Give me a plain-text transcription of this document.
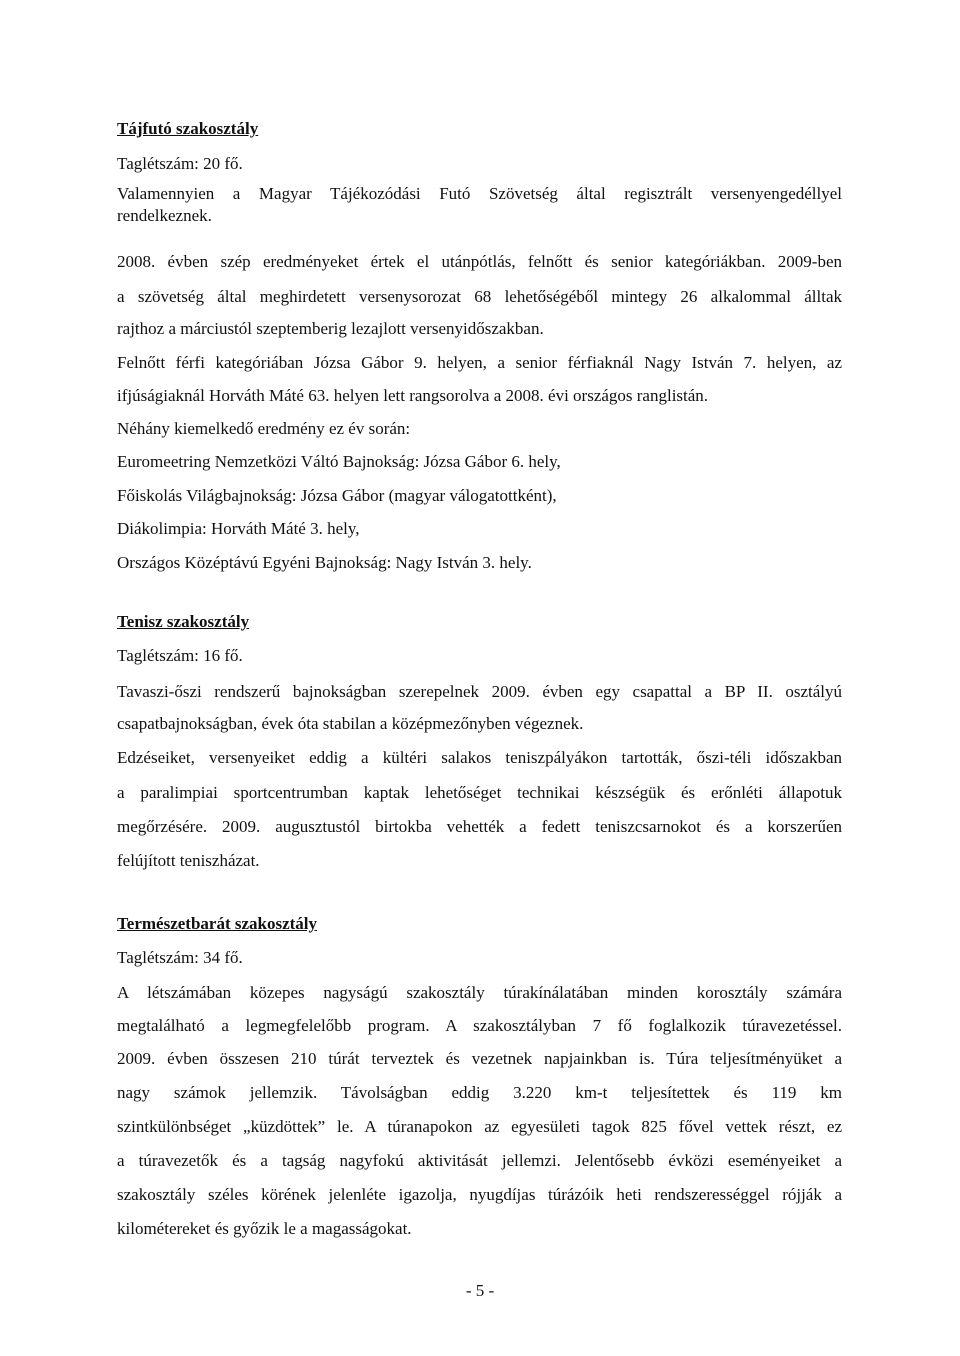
Tájfutó szakosztály
Taglétszám: 20 fő.
Valamennyien a Magyar Tájékozódási Futó Szövetség által regisztrált versenyengedéllyel
rendelkeznek.
2008. évben szép eredményeket értek el utánpótlás, felnőtt és senior kategóriákban. 2009-ben
a szövetség által meghirdetett versenysorozat 68 lehetőségéből mintegy 26 alkalommal álltak
rajthoz a márciustól szeptemberig lezajlott versenyidőszakban.
Felnőtt férfi kategóriában Józsa Gábor 9. helyen, a senior férfiaknál Nagy István 7. helyen, az
ifjúságiaknál Horváth Máté 63. helyen lett rangsorolva a 2008. évi országos ranglistán.
Néhány kiemelkedő eredmény ez év során:
Euromeetring Nemzetközi Váltó Bajnokság: Józsa Gábor 6. hely,
Főiskolás Világbajnokság: Józsa Gábor (magyar válogatottként),
Diákolimpia: Horváth Máté 3. hely,
Országos Középtávú Egyéni Bajnokság: Nagy István 3. hely.
Tenisz szakosztály
Taglétszám: 16 fő.
Tavaszi-őszi rendszerű bajnokságban szerepelnek 2009. évben egy csapattal a BP II. osztályú
csapatbajnokságban, évek óta stabilan a középmezőnyben végeznek.
Edzéseiket, versenyeiket eddig a kültéri salakos teniszpályákon tartották, őszi-téli időszakban
a paralimpiai sportcentrumban kaptak lehetőséget technikai készségük és erőnléti állapotuk
megőrzésére. 2009. augusztustól birtokba vehették a fedett teniszcsarnokot és a korszerűen
felújított teniszházat.
Természetbarát szakosztály
Taglétszám: 34 fő.
A létszámában közepes nagyságú szakosztály túrakínálatában minden korosztály számára
megtalálható a legmegfelelőbb program. A szakosztályban 7 fő foglalkozik túravezetéssel.
2009. évben összesen 210 túrát terveztek és vezetnek napjainkban is. Túra teljesítményüket a
nagy számok jellemzik. Távolságban eddig 3.220 km-t teljesítettek és 119 km
szintkülönbséget „küzdöttek” le. A túranapokon az egyesületi tagok 825 fővel vettek részt, ez
a túravezetők és a tagság nagyfokú aktivitását jellemzi. Jelentősebb évközi eseményeiket a
szakosztály széles körének jelenléte igazolja, nyugdíjas túrázóik heti rendszerességgel rójják a
kilométereket és győzik le a magasságokat.
- 5 -
